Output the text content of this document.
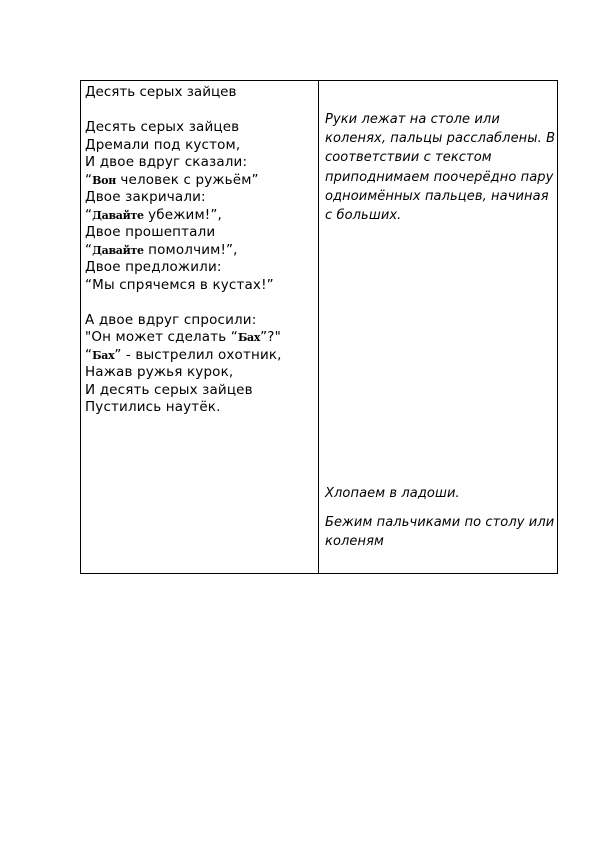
Десять серых зайцев

Десять серых зайцев
Дремали под кустом,
И двое вдруг сказали:
“Вон человек с ружьём”
Двое закричали:
“Давайте убежим!”,
Двое прошептали
“Давайте помолчим!”,
Двое предложили:
“Мы спрячемся в кустах!”
А двое вдруг спросили:
"Он может сделать “Бах”?"
“Бах” - выстрелил охотник,
Нажав ружья курок,
И десять серых зайцев
Пустились наутёк.

Руки лежат на столе или коленях, пальцы расслаблены. В соответствии с текстом приподнимаем поочерёдно пару одноимённых пальцев, начиная с больших.

Хлопаем в ладоши.

Бежим пальчиками по столу или коленям
